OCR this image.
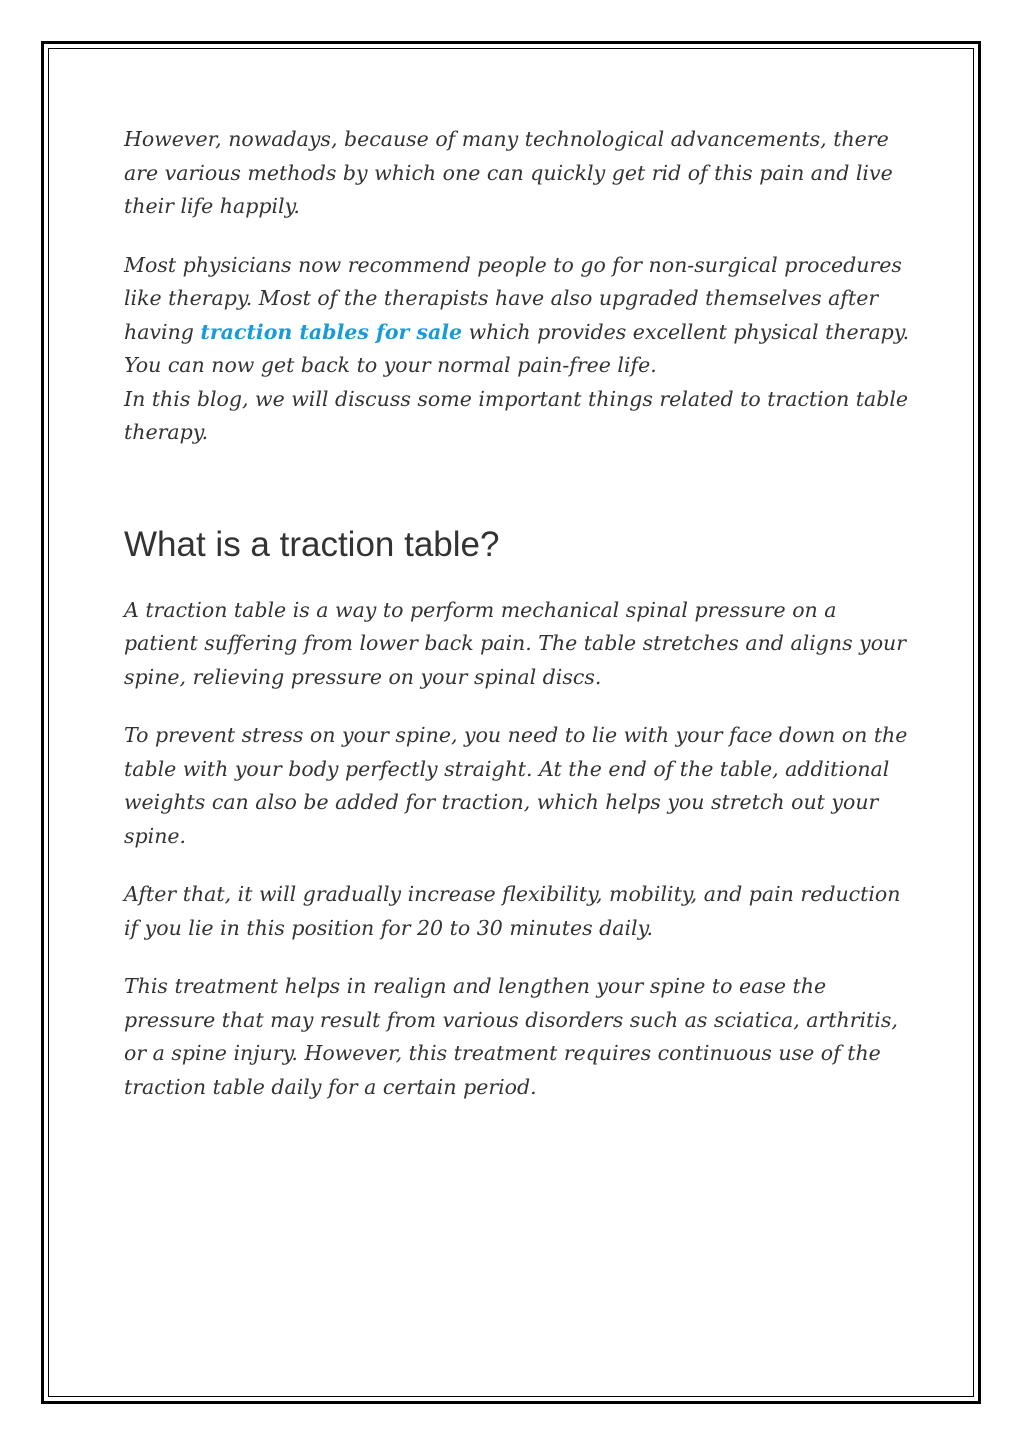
However, nowadays, because of many technological advancements, there are various methods by which one can quickly get rid of this pain and live their life happily.

Most physicians now recommend people to go for non-surgical procedures like therapy. Most of the therapists have also upgraded themselves after having traction tables for sale which provides excellent physical therapy. You can now get back to your normal pain-free life.

In this blog, we will discuss some important things related to traction table therapy.

What is a traction table?

A traction table is a way to perform mechanical spinal pressure on a patient suffering from lower back pain. The table stretches and aligns your spine, relieving pressure on your spinal discs.

To prevent stress on your spine, you need to lie with your face down on the table with your body perfectly straight. At the end of the table, additional weights can also be added for traction, which helps you stretch out your spine.

After that, it will gradually increase flexibility, mobility, and pain reduction if you lie in this position for 20 to 30 minutes daily.

This treatment helps in realign and lengthen your spine to ease the pressure that may result from various disorders such as sciatica, arthritis, or a spine injury. However, this treatment requires continuous use of the traction table daily for a certain period.
